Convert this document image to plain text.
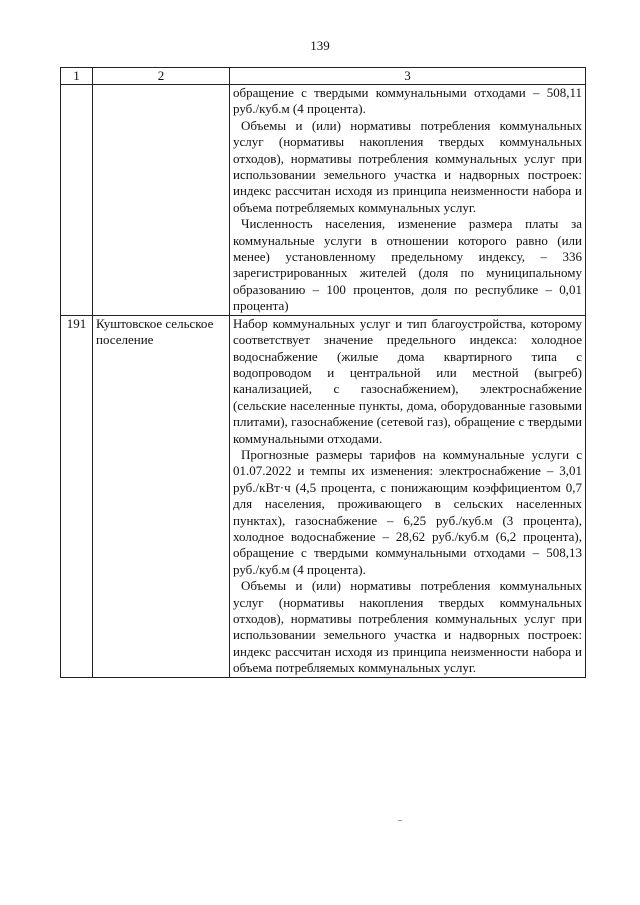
139
1	2	3

		обращение с твердыми коммунальными отходами – 508,11 руб./куб.м (4 процента).

Объемы и (или) нормативы потребления коммунальных услуг (нормативы накопления твердых коммунальных отходов), нормативы потребления коммунальных услуг при использовании земельного участка и надворных построек: индекс рассчитан исходя из принципа неизменности набора и объема потребляемых коммунальных услуг.

Численность населения, изменение размера платы за коммунальные услуги в отношении которого равно (или менее) установленному предельному индексу, – 336 зарегистрированных жителей (доля по муниципальному образованию – 100 процентов, доля по республике – 0,01 процента)

191	Куштовское сельское поселение	Набор коммунальных услуг и тип благоустройства, которому соответствует значение предельного индекса: холодное водоснабжение (жилые дома квартирного типа с водопроводом и центральной или местной (выгреб) канализацией, с газоснабжением), электроснабжение (сельские населенные пункты, дома, оборудованные газовыми плитами), газоснабжение (сетевой газ), обращение с твердыми коммунальными отходами.

Прогнозные размеры тарифов на коммунальные услуги с 01.07.2022 и темпы их изменения: электроснабжение – 3,01 руб./кВт·ч (4,5 процента, с понижающим коэффициентом 0,7 для населения, проживающего в сельских населенных пунктах), газоснабжение – 6,25 руб./куб.м (3 процента), холодное водоснабжение – 28,62 руб./куб.м (6,2 процента), обращение с твердыми коммунальными отходами – 508,13 руб./куб.м (4 процента).

Объемы и (или) нормативы потребления коммунальных услуг (нормативы накопления твердых коммунальных отходов), нормативы потребления коммунальных услуг при использовании земельного участка и надворных построек: индекс рассчитан исходя из принципа неизменности набора и объема потребляемых коммунальных услуг.
